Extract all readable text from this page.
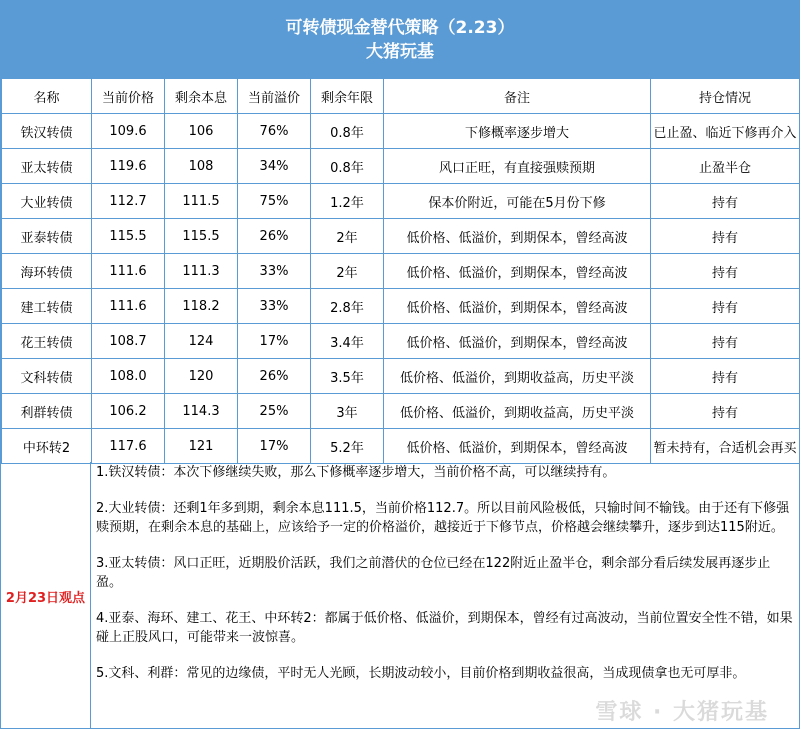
可转债现金替代策略（2.23）
大猪玩基
名称	当前价格	剩余本息	当前溢价	剩余年限	备注	持仓情况
铁汉转债	109.6	106	76%	0.8年	下修概率逐步增大	已止盈、临近下修再介入
亚太转债	119.6	108	34%	0.8年	风口正旺，有直接强赎预期	止盈半仓
大业转债	112.7	111.5	75%	1.2年	保本价附近，可能在5月份下修	持有
亚泰转债	115.5	115.5	26%	2年	低价格、低溢价，到期保本，曾经高波	持有
海环转债	111.6	111.3	33%	2年	低价格、低溢价，到期保本，曾经高波	持有
建工转债	111.6	118.2	33%	2.8年	低价格、低溢价，到期保本，曾经高波	持有
花王转债	108.7	124	17%	3.4年	低价格、低溢价，到期保本，曾经高波	持有
文科转债	108.0	120	26%	3.5年	低价格、低溢价，到期收益高，历史平淡	持有
利群转债	106.2	114.3	25%	3年	低价格、低溢价，到期收益高，历史平淡	持有
中环转2	117.6	121	17%	5.2年	低价格、低溢价，到期保本，曾经高波	暂未持有，合适机会再买
2月23日观点

1.铁汉转债：本次下修继续失败，那么下修概率逐步增大，当前价格不高，可以继续持有。

2.大业转债：还剩1年多到期，剩余本息111.5，当前价格112.7。所以目前风险极低，只输时间不输钱。由于还有下修强赎预期，在剩余本息的基础上，应该给予一定的价格溢价，越接近于下修节点，价格越会继续攀升，逐步到达115附近。

3.亚太转债：风口正旺，近期股价活跃，我们之前潜伏的仓位已经在122附近止盈半仓，剩余部分看后续发展再逐步止盈。

4.亚泰、海环、建工、花王、中环转2：都属于低价格、低溢价，到期保本，曾经有过高波动，当前位置安全性不错，如果碰上正股风口，可能带来一波惊喜。

5.文科、利群：常见的边缘债，平时无人光顾，长期波动较小，目前价格到期收益很高，当成现债拿也无可厚非。

雪球 · 大猪玩基
